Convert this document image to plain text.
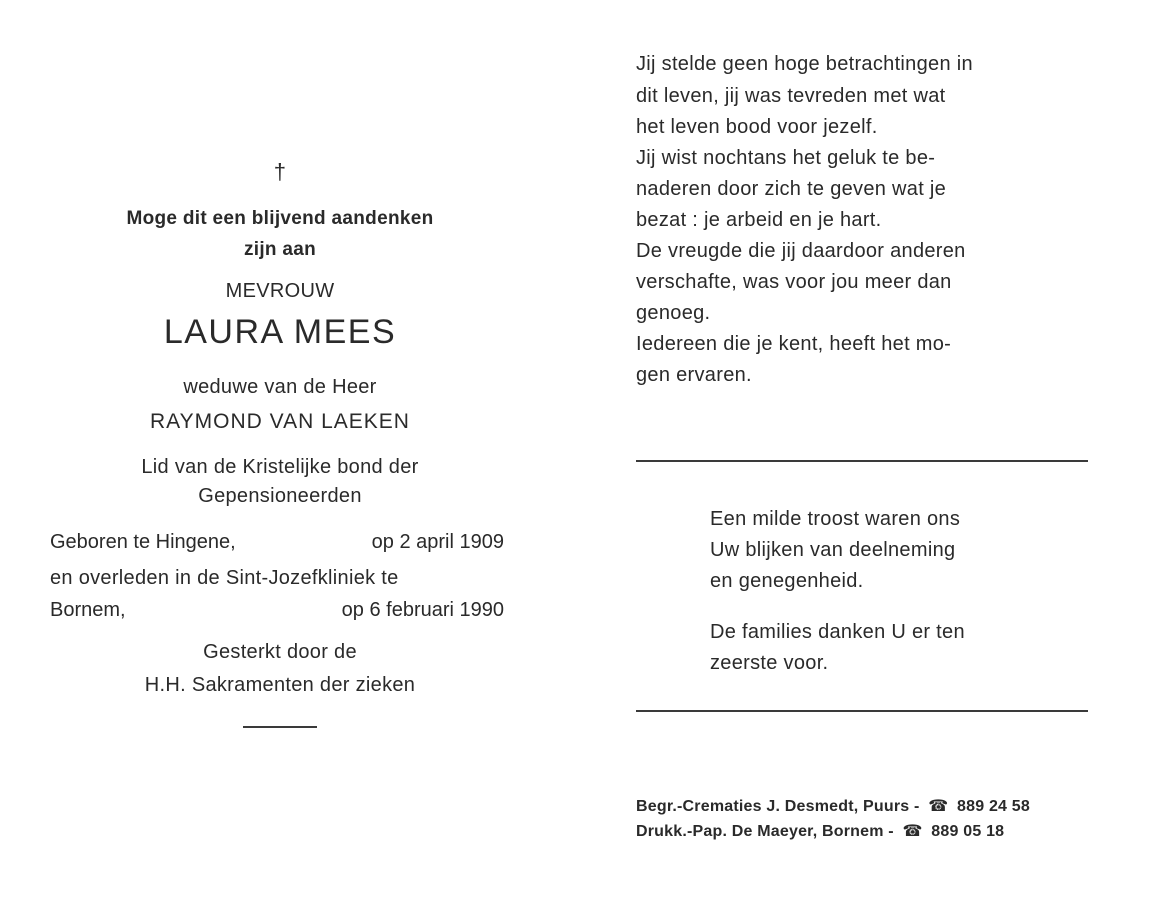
†
Moge dit een blijvend aandenken
zijn aan
MEVROUW
LAURA MEES
weduwe van de Heer
RAYMOND VAN LAEKEN
Lid van de Kristelijke bond der
Gepensioneerden
Geboren te Hingene,	op 2 april 1909
en overleden in de Sint-Jozefkliniek te
Bornem,	op 6 februari 1990
Gesterkt door de
H.H. Sakramenten der zieken
Jij stelde geen hoge betrachtingen in
dit leven, jij was tevreden met wat
het leven bood voor jezelf.
Jij wist nochtans het geluk te be-
naderen door zich te geven wat je
bezat : je arbeid en je hart.
De vreugde die jij daardoor anderen
verschafte, was voor jou meer dan
genoeg.
Iedereen die je kent, heeft het mo-
gen ervaren.
Een milde troost waren ons
Uw blijken van deelneming
en genegenheid.
De families danken U er ten
zeerste voor.
Begr.-Crematies J. Desmedt, Puurs - ☎ 889 24 58
Drukk.-Pap. De Maeyer, Bornem - ☎ 889 05 18
